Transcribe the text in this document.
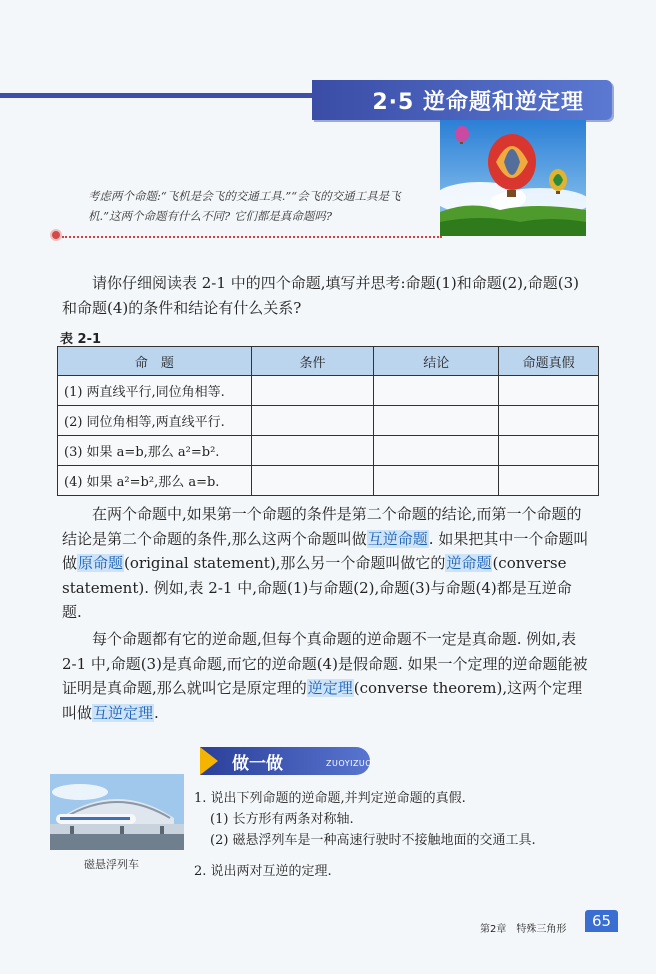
2·5 逆命题和逆定理
考虑两个命题:“飞机是会飞的交通工具.”“会飞的交通工具是飞机.”这两个命题有什么不同? 它们都是真命题吗?
请你仔细阅读表 2-1 中的四个命题,填写并思考:命题(1)和命题(2),命题(3)和命题(4)的条件和结论有什么关系?
表 2-1
命　题	条件	结论	命题真假
(1) 两直线平行,同位角相等.			
(2) 同位角相等,两直线平行.			
(3) 如果 a=b,那么 a²=b².			
(4) 如果 a²=b²,那么 a=b.			
在两个命题中,如果第一个命题的条件是第二个命题的结论,而第一个命题的结论是第二个命题的条件,那么这两个命题叫做互逆命题. 如果把其中一个命题叫做原命题(original statement),那么另一个命题叫做它的逆命题(converse statement). 例如,表 2-1 中,命题(1)与命题(2),命题(3)与命题(4)都是互逆命题.
每个命题都有它的逆命题,但每个真命题的逆命题不一定是真命题. 例如,表 2-1 中,命题(3)是真命题,而它的逆命题(4)是假命题. 如果一个定理的逆命题能被证明是真命题,那么就叫它是原定理的逆定理(converse theorem),这两个定理叫做互逆定理.
做一做	ZUOYIZUO
磁悬浮列车
1. 说出下列命题的逆命题,并判定逆命题的真假.
(1) 长方形有两条对称轴.
(2) 磁悬浮列车是一种高速行驶时不接触地面的交通工具.
2. 说出两对互逆的定理.
第2章　特殊三角形	65
